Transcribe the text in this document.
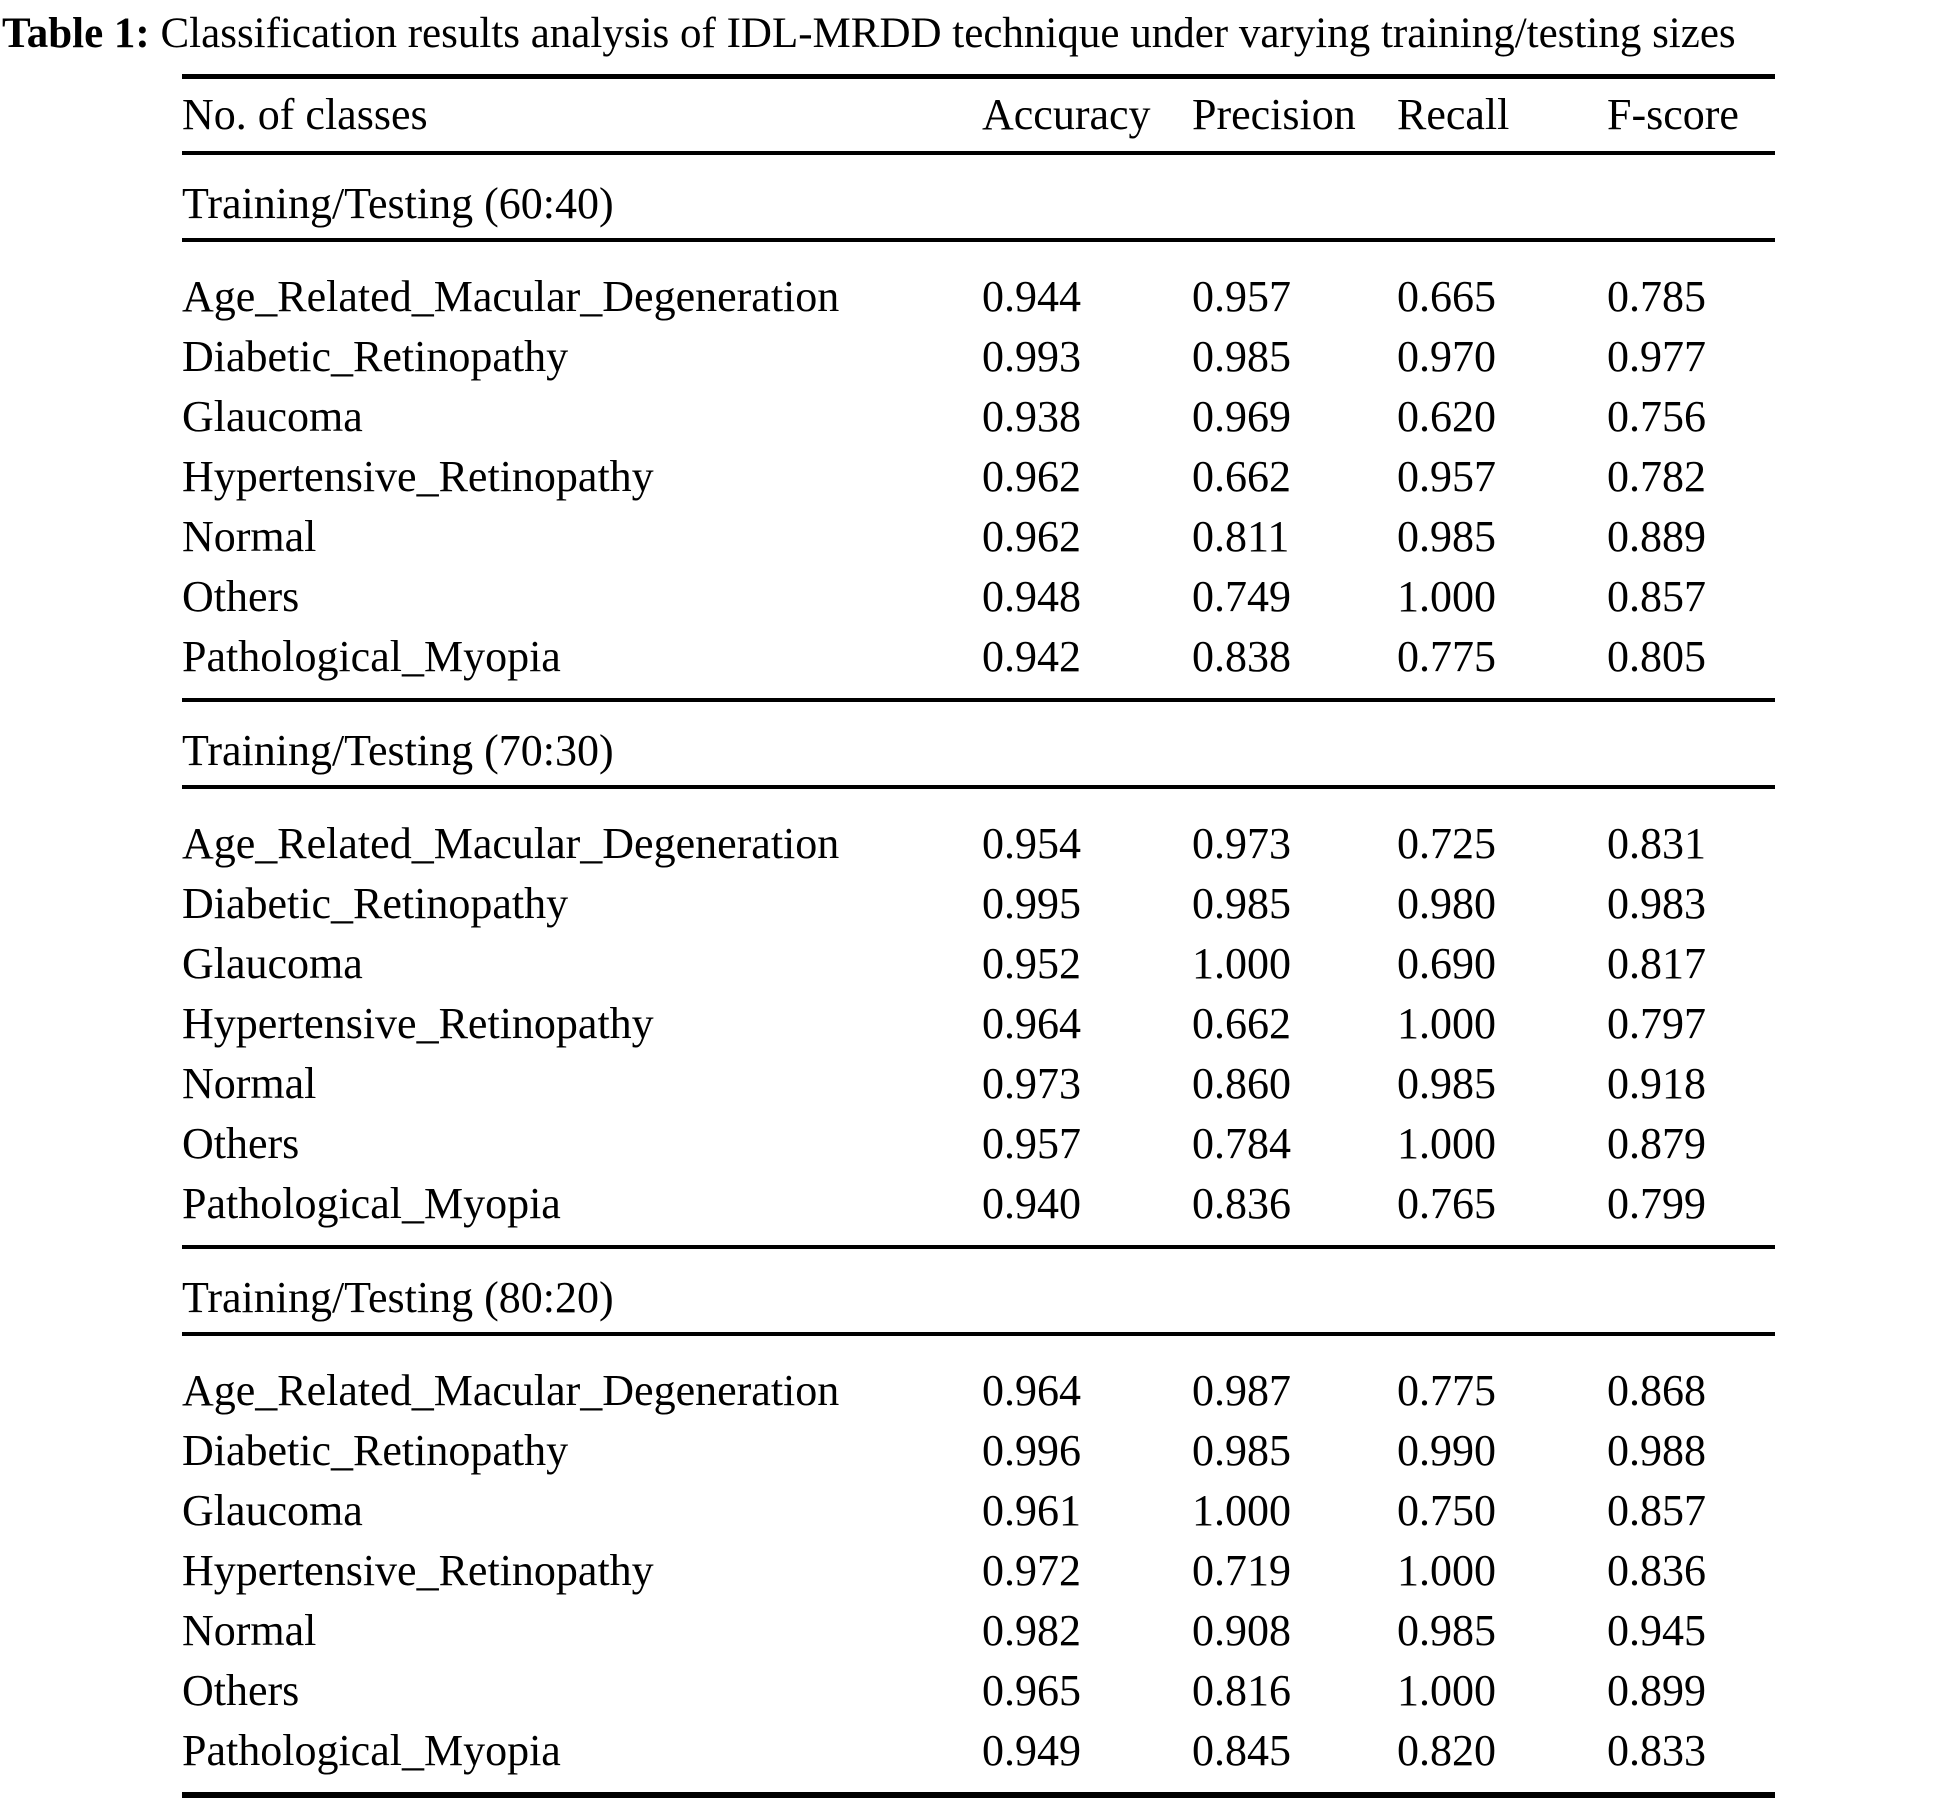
Table 1: Classification results analysis of IDL-MRDD technique under varying training/testing sizes
No. of classes	Accuracy	Precision	Recall	F-score
Training/Testing (60:40)				
Age_Related_Macular_Degeneration	0.944	0.957	0.665	0.785
Diabetic_Retinopathy	0.993	0.985	0.970	0.977
Glaucoma	0.938	0.969	0.620	0.756
Hypertensive_Retinopathy	0.962	0.662	0.957	0.782
Normal	0.962	0.811	0.985	0.889
Others	0.948	0.749	1.000	0.857
Pathological_Myopia	0.942	0.838	0.775	0.805
Training/Testing (70:30)				
Age_Related_Macular_Degeneration	0.954	0.973	0.725	0.831
Diabetic_Retinopathy	0.995	0.985	0.980	0.983
Glaucoma	0.952	1.000	0.690	0.817
Hypertensive_Retinopathy	0.964	0.662	1.000	0.797
Normal	0.973	0.860	0.985	0.918
Others	0.957	0.784	1.000	0.879
Pathological_Myopia	0.940	0.836	0.765	0.799
Training/Testing (80:20)				
Age_Related_Macular_Degeneration	0.964	0.987	0.775	0.868
Diabetic_Retinopathy	0.996	0.985	0.990	0.988
Glaucoma	0.961	1.000	0.750	0.857
Hypertensive_Retinopathy	0.972	0.719	1.000	0.836
Normal	0.982	0.908	0.985	0.945
Others	0.965	0.816	1.000	0.899
Pathological_Myopia	0.949	0.845	0.820	0.833
